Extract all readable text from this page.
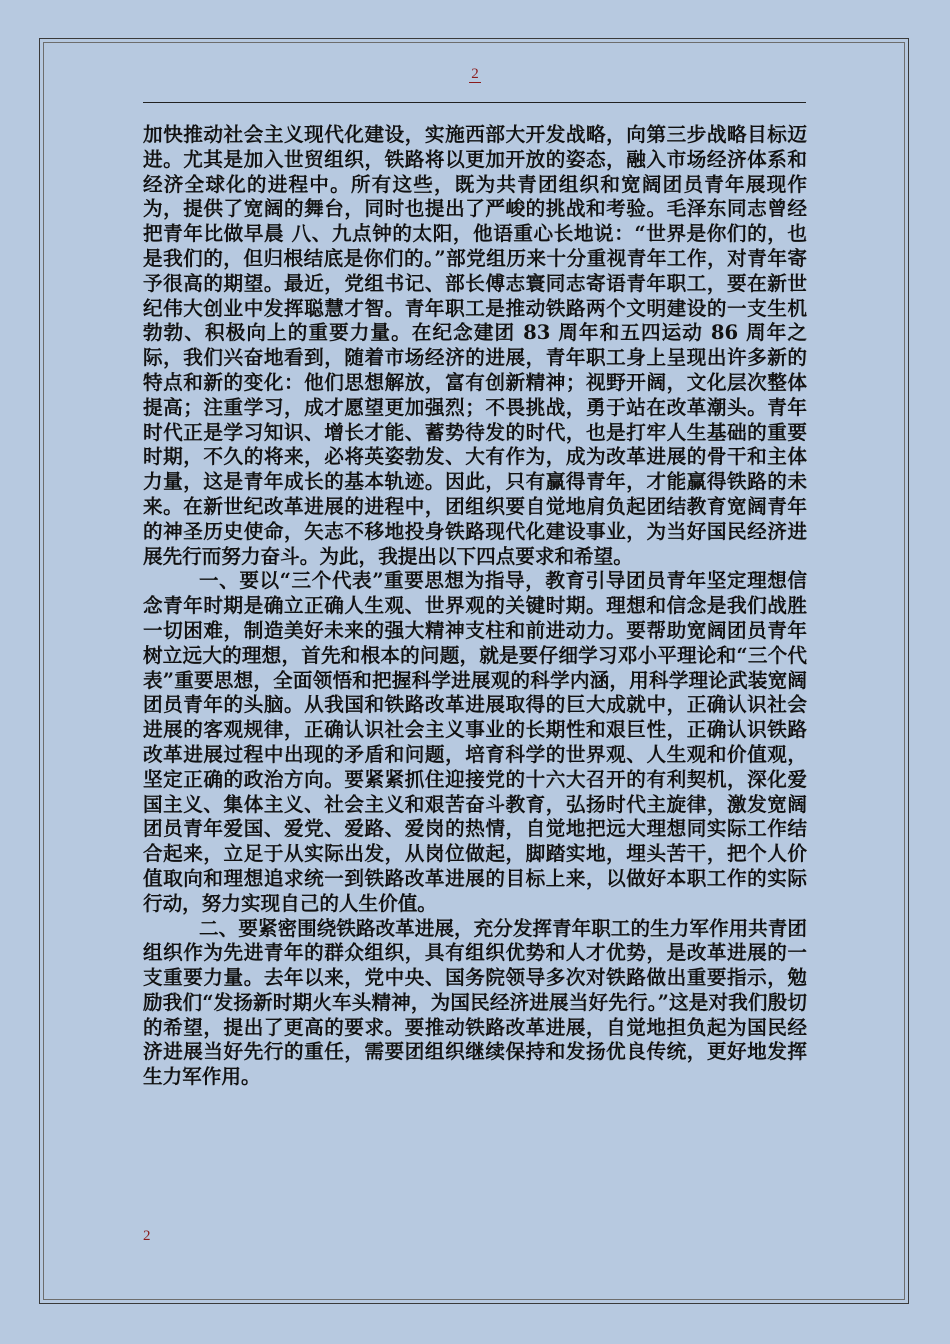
2

加快推动社会主义现代化建设，实施西部大开发战略，向第三步战略目标迈进。尤其是加入世贸组织，铁路将以更加开放的姿态，融入市场经济体系和经济全球化的进程中。所有这些，既为共青团组织和宽阔团员青年展现作为，提供了宽阔的舞台，同时也提出了严峻的挑战和考验。毛泽东同志曾经把青年比做早晨 八、九点钟的太阳，他语重心长地说：“世界是你们的，也是我们的，但归根结底是你们的。”部党组历来十分重视青年工作，对青年寄予很高的期望。最近，党组书记、部长傅志寰同志寄语青年职工，要在新世纪伟大创业中发挥聪慧才智。青年职工是推动铁路两个文明建设的一支生机勃勃、积极向上的重要力量。在纪念建团 83 周年和五四运动 86 周年之际，我们兴奋地看到，随着市场经济的进展，青年职工身上呈现出许多新的特点和新的变化：他们思想解放，富有创新精神；视野开阔，文化层次整体提高；注重学习，成才愿望更加强烈；不畏挑战，勇于站在改革潮头。青年时代正是学习知识、增长才能、蓄势待发的时代，也是打牢人生基础的重要时期，不久的将来，必将英姿勃发、大有作为，成为改革进展的骨干和主体力量，这是青年成长的基本轨迹。因此，只有赢得青年，才能赢得铁路的未来。在新世纪改革进展的进程中，团组织要自觉地肩负起团结教育宽阔青年的神圣历史使命，矢志不移地投身铁路现代化建设事业，为当好国民经济进展先行而努力奋斗。为此，我提出以下四点要求和希望。

一、要以“三个代表”重要思想为指导，教育引导团员青年坚定理想信念青年时期是确立正确人生观、世界观的关键时期。理想和信念是我们战胜一切困难，制造美好未来的强大精神支柱和前进动力。要帮助宽阔团员青年树立远大的理想，首先和根本的问题，就是要仔细学习邓小平理论和“三个代表”重要思想，全面领悟和把握科学进展观的科学内涵，用科学理论武装宽阔团员青年的头脑。从我国和铁路改革进展取得的巨大成就中，正确认识社会进展的客观规律，正确认识社会主义事业的长期性和艰巨性，正确认识铁路改革进展过程中出现的矛盾和问题，培育科学的世界观、人生观和价值观，坚定正确的政治方向。要紧紧抓住迎接党的十六大召开的有利契机，深化爱国主义、集体主义、社会主义和艰苦奋斗教育，弘扬时代主旋律，激发宽阔团员青年爱国、爱党、爱路、爱岗的热情，自觉地把远大理想同实际工作结合起来，立足于从实际出发，从岗位做起，脚踏实地，埋头苦干，把个人价值取向和理想追求统一到铁路改革进展的目标上来，以做好本职工作的实际行动，努力实现自己的人生价值。

二、要紧密围绕铁路改革进展，充分发挥青年职工的生力军作用共青团组织作为先进青年的群众组织，具有组织优势和人才优势，是改革进展的一支重要力量。去年以来，党中央、国务院领导多次对铁路做出重要指示，勉励我们“发扬新时期火车头精神，为国民经济进展当好先行。”这是对我们殷切的希望，提出了更高的要求。要推动铁路改革进展，自觉地担负起为国民经济进展当好先行的重任，需要团组织继续保持和发扬优良传统，更好地发挥生力军作用。

2
